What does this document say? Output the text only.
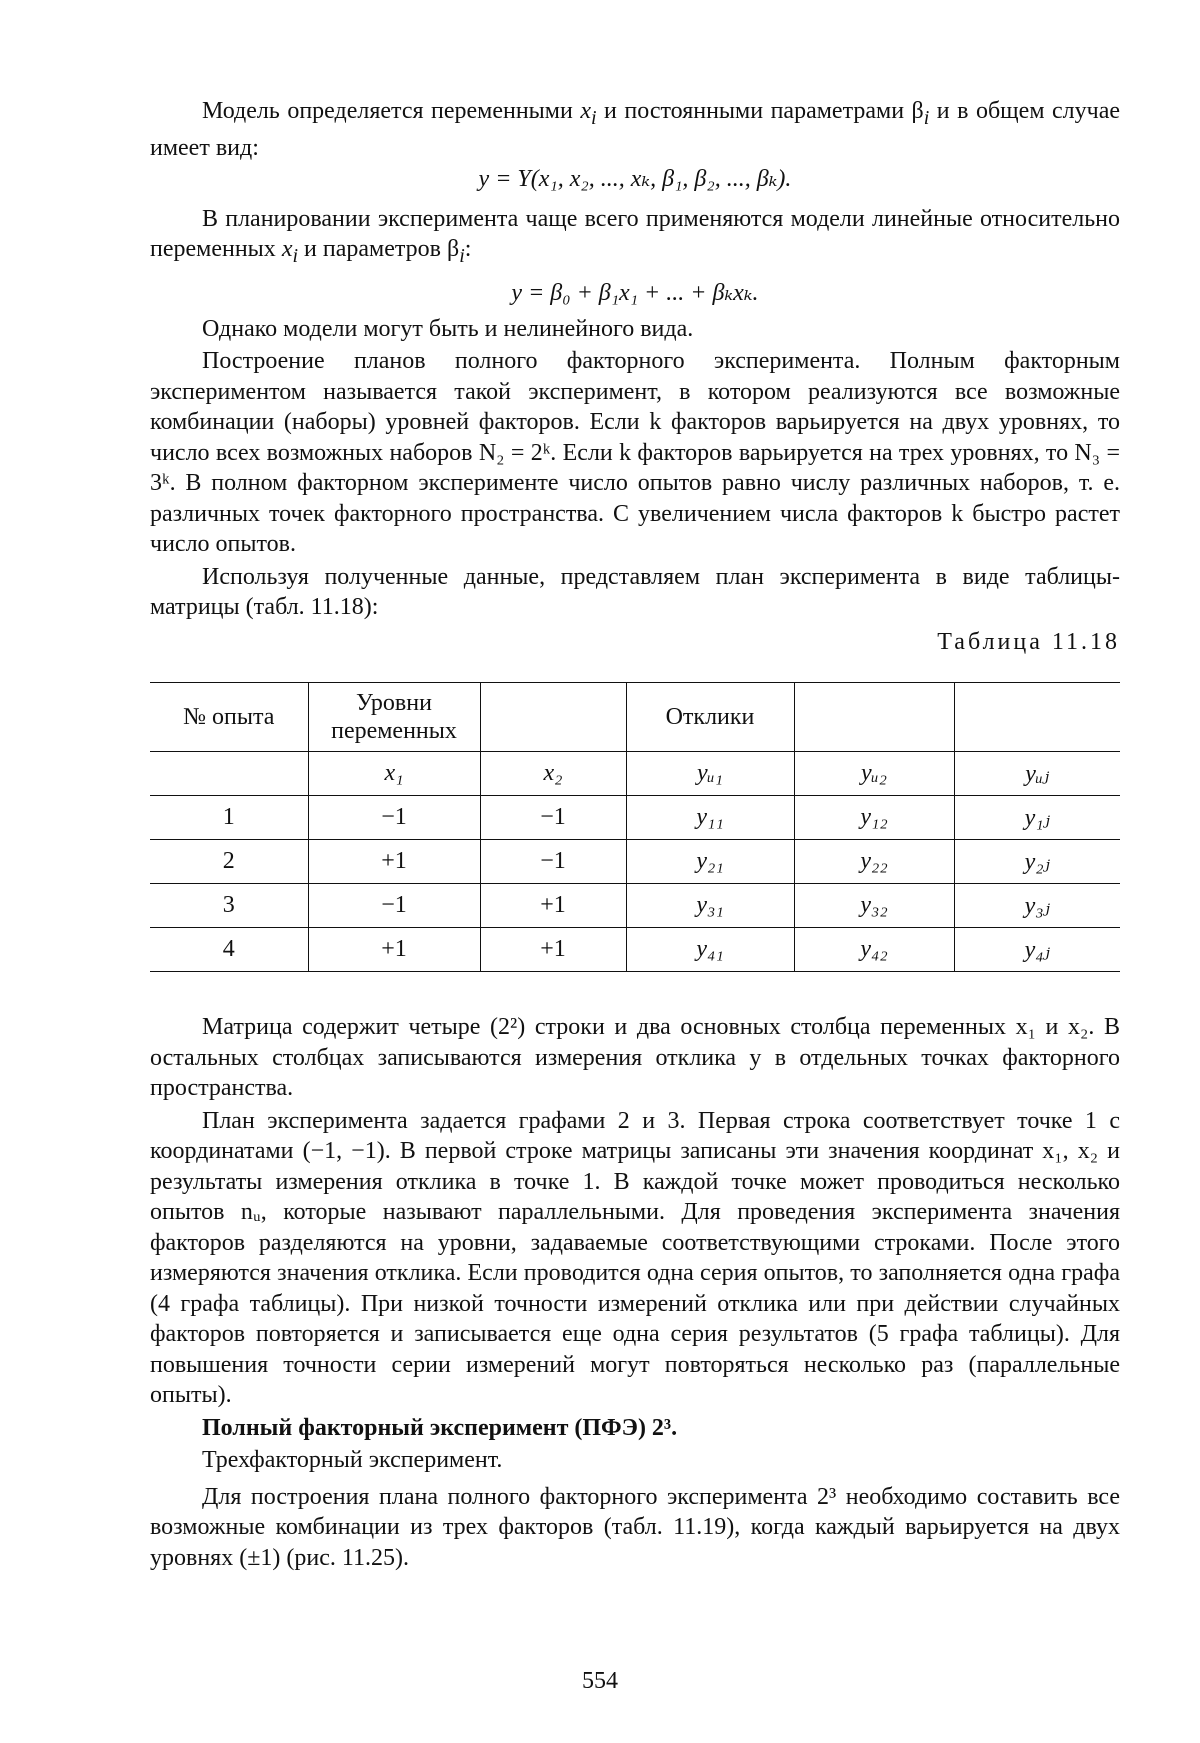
Модель определяется переменными $x_i$ и постоянными параметрами $\beta_i$ и в общем случае имеет вид:

y = Y(x₁, x₂, ..., xₖ, β₁, β₂, ..., βₖ).

В планировании эксперимента чаще всего применяются модели линейные относительно переменных $x_i$ и параметров $\beta_i$:

y = β₀ + β₁x₁ + ... + βₖxₖ.

Однако модели могут быть и нелинейного вида.

Построение планов полного факторного эксперимента. Полным факторным экспериментом называется такой эксперимент, в котором реализуются все возможные комбинации (наборы) уровней факторов. Если k факторов варьируется на двух уровнях, то число всех возможных наборов N₂ = 2ᵏ. Если k факторов варьируется на трех уровнях, то N₃ = 3ᵏ. В полном факторном эксперименте число опытов равно числу различных наборов, т. е. различных точек факторного пространства. С увеличением числа факторов k быстро растет число опытов.

Используя полученные данные, представляем план эксперимента в виде таблицы-матрицы (табл. 11.18):

Таблица 11.18

№ опыта	Уровни переменных		Отклики		
	x₁	x₂	yᵤ₁	yᵤ₂	yᵤⱼ
1	−1	−1	y₁₁	y₁₂	y₁ⱼ
2	+1	−1	y₂₁	y₂₂	y₂ⱼ
3	−1	+1	y₃₁	y₃₂	y₃ⱼ
4	+1	+1	y₄₁	y₄₂	y₄ⱼ

Матрица содержит четыре (2²) строки и два основных столбца переменных x₁ и x₂. В остальных столбцах записываются измерения отклика y в отдельных точках факторного пространства.

План эксперимента задается графами 2 и 3. Первая строка соответствует точке 1 с координатами (−1, −1). В первой строке матрицы записаны эти значения координат x₁, x₂ и результаты измерения отклика в точке 1. В каждой точке может проводиться несколько опытов nᵤ, которые называют параллельными. Для проведения эксперимента значения факторов разделяются на уровни, задаваемые соответствующими строками. После этого измеряются значения отклика. Если проводится одна серия опытов, то заполняется одна графа (4 графа таблицы). При низкой точности измерений отклика или при действии случайных факторов повторяется и записывается еще одна серия результатов (5 графа таблицы). Для повышения точности серии измерений могут повторяться несколько раз (параллельные опыты).

Полный факторный эксперимент (ПФЭ) 2³.

Трехфакторный эксперимент.

Для построения плана полного факторного эксперимента 2³ необходимо составить все возможные комбинации из трех факторов (табл. 11.19), когда каждый варьируется на двух уровнях (±1) (рис. 11.25).

554
